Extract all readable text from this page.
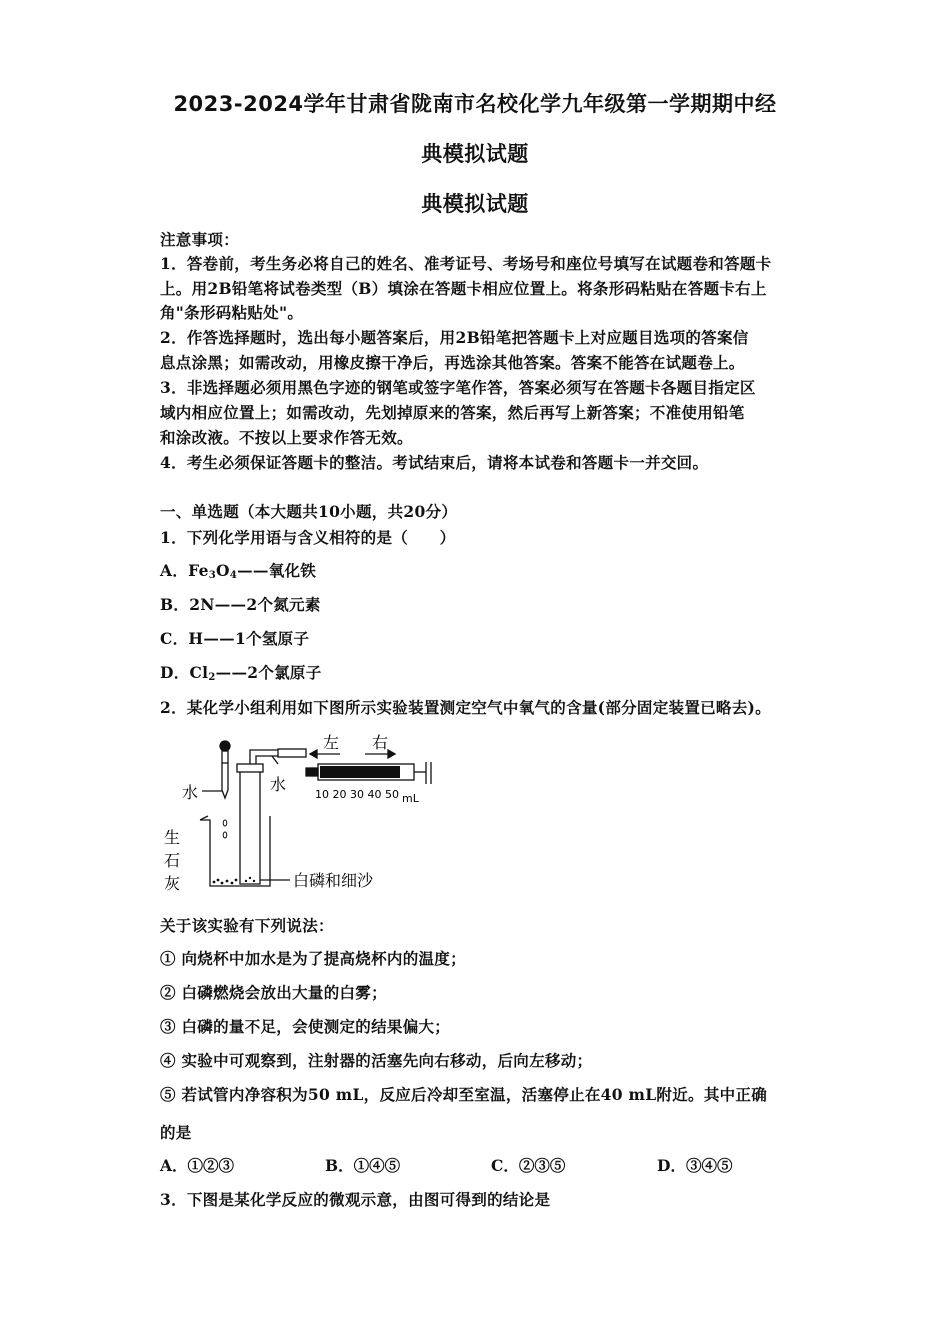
2023-2024学年甘肃省陇南市名校化学九年级第一学期期中经
典模拟试题
典模拟试题
注意事项：
1．答卷前，考生务必将自己的姓名、准考证号、考场号和座位号填写在试题卷和答题卡
上。用2B铅笔将试卷类型（B）填涂在答题卡相应位置上。将条形码粘贴在答题卡右上
角"条形码粘贴处"。
2．作答选择题时，选出每小题答案后，用2B铅笔把答题卡上对应题目选项的答案信
息点涂黑；如需改动，用橡皮擦干净后，再选涂其他答案。答案不能答在试题卷上。
3．非选择题必须用黑色字迹的钢笔或签字笔作答，答案必须写在答题卡各题目指定区
域内相应位置上；如需改动，先划掉原来的答案，然后再写上新答案；不准使用铅笔
和涂改液。不按以上要求作答无效。
4．考生必须保证答题卡的整洁。考试结束后，请将本试卷和答题卡一并交回。
一、单选题（本大题共10小题，共20分）
1．下列化学用语与含义相符的是（　　）
A．$Fe_3O_4——$氧化铁
B．2N——2个氮元素
C．H——1个氢原子
D．$Cl_2——2$个氯原子
2．某化学小组利用如下图所示实验装置测定空气中氧气的含量(部分固定装置已略去)。
左 右
水	水
10 20 30 40 50 mL
生
石
灰	白磷和细沙
关于该实验有下列说法：
① 向烧杯中加水是为了提高烧杯内的温度；
② 白磷燃烧会放出大量的白雾；
③ 白磷的量不足，会使测定的结果偏大；
④ 实验中可观察到，注射器的活塞先向右移动，后向左移动；
⑤ 若试管内净容积为50 mL，反应后冷却至室温，活塞停止在40 mL附近。其中正确
的是
A．①②③	B．①④⑤	C．②③⑤	D．③④⑤
3．下图是某化学反应的微观示意，由图可得到的结论是
